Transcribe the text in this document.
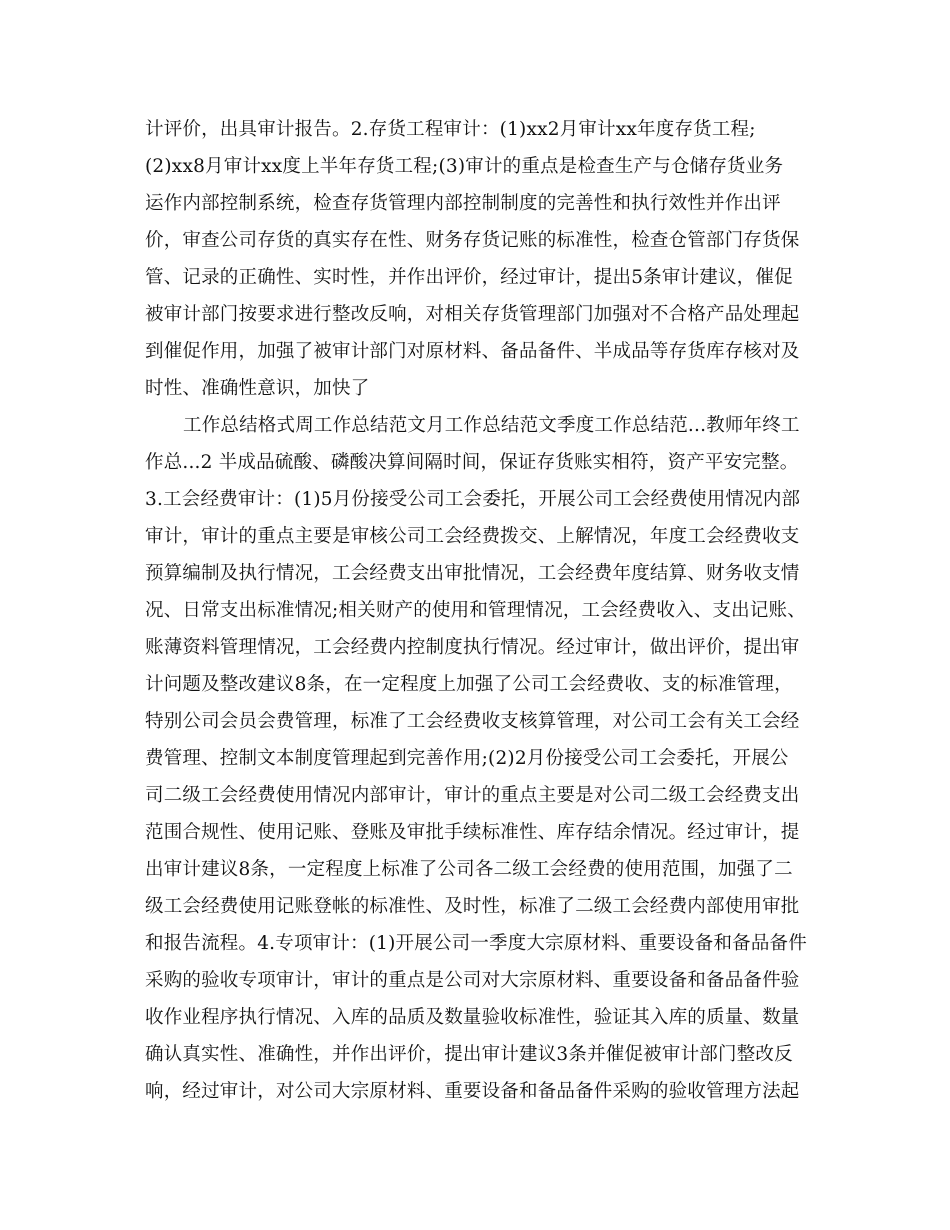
计评价，出具审计报告。2.存货工程审计：(1)xx2月审计xx年度存货工程;
(2)xx8月审计xx度上半年存货工程;(3)审计的重点是检查生产与仓储存货业务
运作内部控制系统，检查存货管理内部控制制度的完善性和执行效性并作出评
价，审查公司存货的真实存在性、财务存货记账的标准性，检查仓管部门存货保
管、记录的正确性、实时性，并作出评价，经过审计，提出5条审计建议，催促
被审计部门按要求进行整改反响，对相关存货管理部门加强对不合格产品处理起
到催促作用，加强了被审计部门对原材料、备品备件、半成品等存货库存核对及
时性、准确性意识，加快了
工作总结格式周工作总结范文月工作总结范文季度工作总结范...教师年终工
作总...2 半成品硫酸、磷酸决算间隔时间，保证存货账实相符，资产平安完整。
3.工会经费审计：(1)5月份接受公司工会委托，开展公司工会经费使用情况内部
审计，审计的重点主要是审核公司工会经费拨交、上解情况，年度工会经费收支
预算编制及执行情况，工会经费支出审批情况，工会经费年度结算、财务收支情
况、日常支出标准情况;相关财产的使用和管理情况，工会经费收入、支出记账、
账薄资料管理情况，工会经费内控制度执行情况。经过审计，做出评价，提出审
计问题及整改建议8条，在一定程度上加强了公司工会经费收、支的标准管理，
特别公司会员会费管理，标准了工会经费收支核算管理，对公司工会有关工会经
费管理、控制文本制度管理起到完善作用;(2)2月份接受公司工会委托，开展公
司二级工会经费使用情况内部审计，审计的重点主要是对公司二级工会经费支出
范围合规性、使用记账、登账及审批手续标准性、库存结余情况。经过审计，提
出审计建议8条，一定程度上标准了公司各二级工会经费的使用范围，加强了二
级工会经费使用记账登帐的标准性、及时性，标准了二级工会经费内部使用审批
和报告流程。4.专项审计：(1)开展公司一季度大宗原材料、重要设备和备品备件
采购的验收专项审计，审计的重点是公司对大宗原材料、重要设备和备品备件验
收作业程序执行情况、入库的品质及数量验收标准性，验证其入库的质量、数量
确认真实性、准确性，并作出评价，提出审计建议3条并催促被审计部门整改反
响，经过审计，对公司大宗原材料、重要设备和备品备件采购的验收管理方法起
